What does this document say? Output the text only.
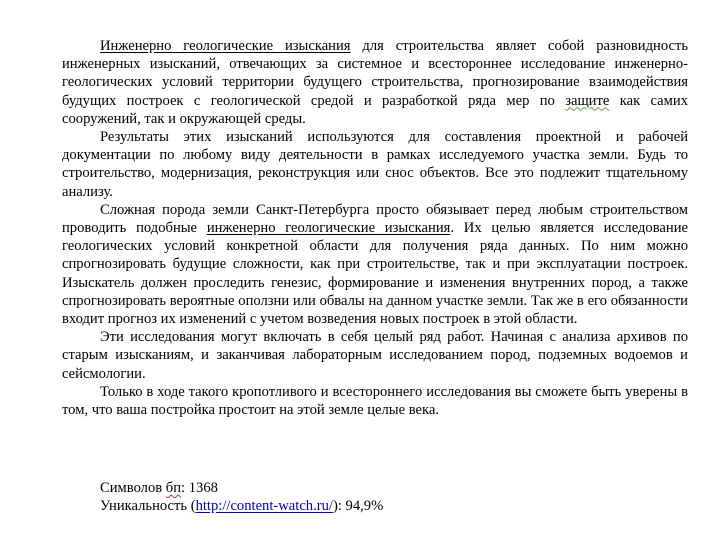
Инженерно геологические изыскания для строительства являет собой разновидность инженерных изысканий, отвечающих за системное и всестороннее исследование инженерно-геологических условий территории будущего строительства, прогнозирование взаимодействия будущих построек с геологической средой и разработкой ряда мер по защите как самих сооружений, так и окружающей среды.

Результаты этих изысканий используются для составления проектной и рабочей документации по любому виду деятельности в рамках исследуемого участка земли. Будь то строительство, модернизация, реконструкция или снос объектов. Все это подлежит тщательному анализу.

Сложная порода земли Санкт-Петербурга просто обязывает перед любым строительством проводить подобные инженерно геологические изыскания. Их целью является исследование геологических условий конкретной области для получения ряда данных. По ним можно спрогнозировать будущие сложности, как при строительстве, так и при эксплуатации построек. Изыскатель должен проследить генезис, формирование и изменения внутренних пород, а также спрогнозировать вероятные оползни или обвалы на данном участке земли. Так же в его обязанности входит прогноз их изменений с учетом возведения новых построек в этой области.

Эти исследования могут включать в себя целый ряд работ. Начиная с анализа архивов по старым изысканиям, и заканчивая лабораторным исследованием пород, подземных водоемов и сейсмологии.

Только в ходе такого кропотливого и всестороннего исследования вы сможете быть уверены в том, что ваша постройка простоит на этой земле целые века.

Символов бп: 1368
Уникальность (http://content-watch.ru/): 94,9%
